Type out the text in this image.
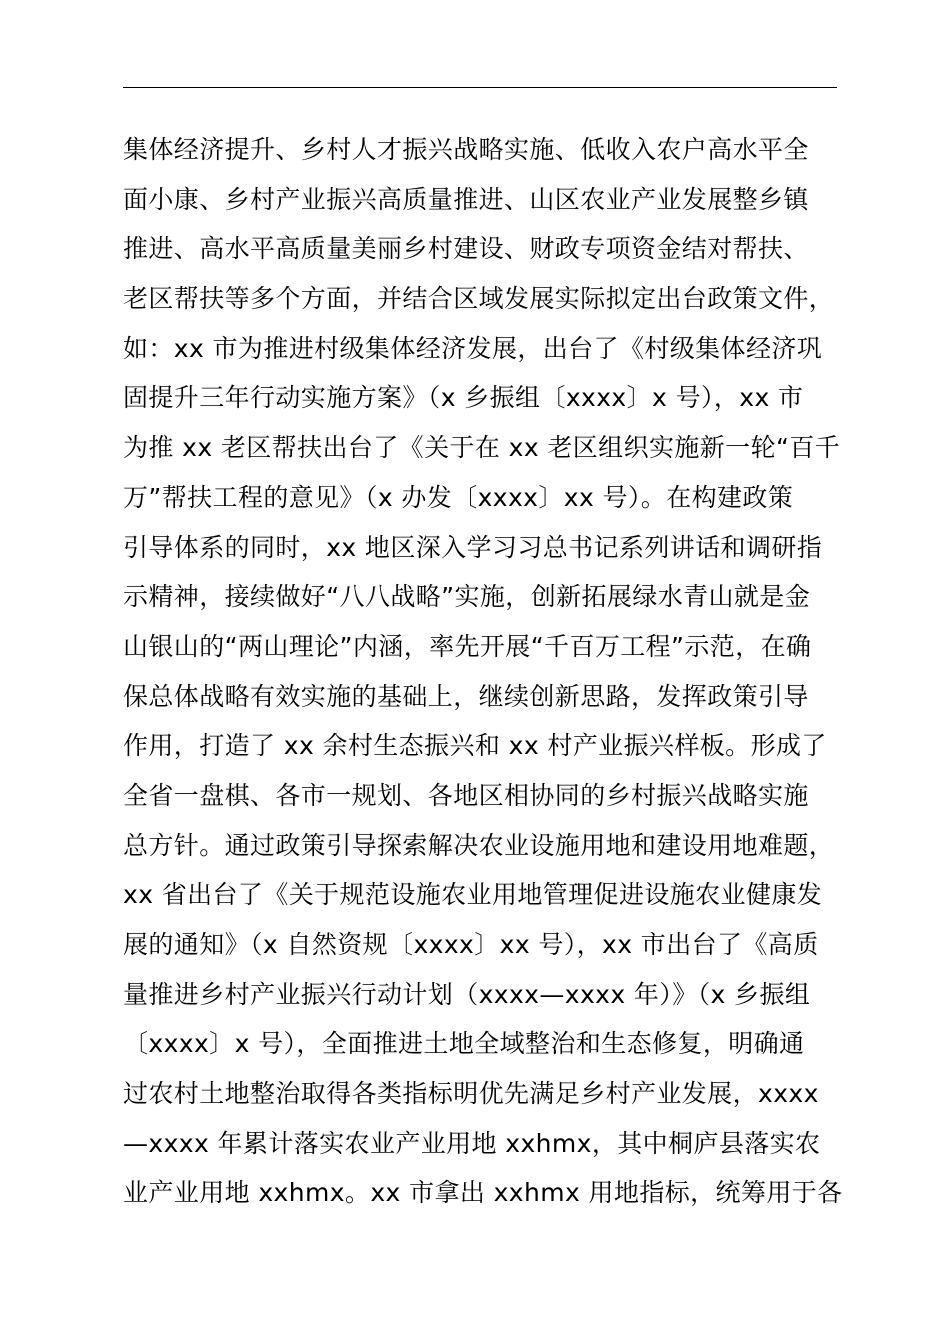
集体经济提升、乡村人才振兴战略实施、低收入农户高水平全
面小康、乡村产业振兴高质量推进、山区农业产业发展整乡镇
推进、高水平高质量美丽乡村建设、财政专项资金结对帮扶、
老区帮扶等多个方面，并结合区域发展实际拟定出台政策文件，
如：xx 市为推进村级集体经济发展，出台了《村级集体经济巩
固提升三年行动实施方案》（x 乡振组〔xxxx〕x 号），xx 市
为推 xx 老区帮扶出台了《关于在 xx 老区组织实施新一轮“百千
万”帮扶工程的意见》（x 办发〔xxxx〕xx 号）。在构建政策
引导体系的同时，xx 地区深入学习习总书记系列讲话和调研指
示精神，接续做好“八八战略”实施，创新拓展绿水青山就是金
山银山的“两山理论”内涵，率先开展“千百万工程”示范，在确
保总体战略有效实施的基础上，继续创新思路，发挥政策引导
作用，打造了 xx 余村生态振兴和 xx 村产业振兴样板。形成了
全省一盘棋、各市一规划、各地区相协同的乡村振兴战略实施
总方针。通过政策引导探索解决农业设施用地和建设用地难题，
xx 省出台了《关于规范设施农业用地管理促进设施农业健康发
展的通知》（x 自然资规〔xxxx〕xx 号），xx 市出台了《高质
量推进乡村产业振兴行动计划（xxxx—xxxx 年）》（x 乡振组
〔xxxx〕x 号），全面推进土地全域整治和生态修复，明确通
过农村土地整治取得各类指标明优先满足乡村产业发展，xxxx
—xxxx 年累计落实农业产业用地 xxhmx，其中桐庐县落实农
业产业用地 xxhmx。xx 市拿出 xxhmx 用地指标，统筹用于各
